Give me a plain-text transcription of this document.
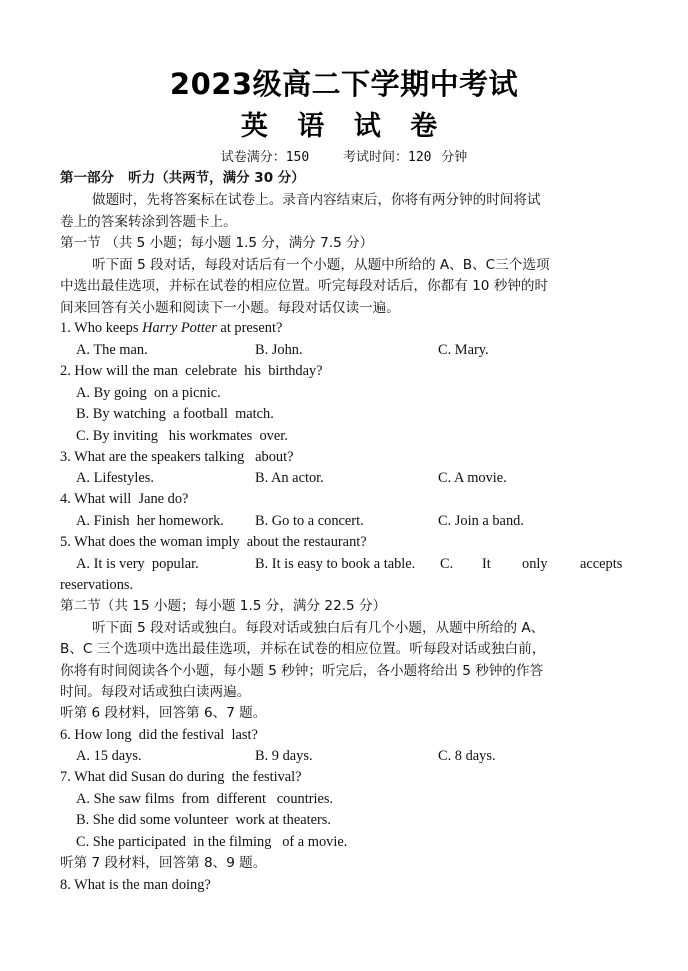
2023级高二下学期中考试
英 语 试 卷
试卷满分：150	考试时间：120 分钟
第一部分   听力（共两节，满分 30 分）
做题时，先将答案标在试卷上。录音内容结束后，你将有两分钟的时间将试
卷上的答案转涂到答题卡上。
第一节 （共 5 小题；每小题 1.5 分，满分 7.5 分）
听下面 5 段对话，每段对话后有一个小题，从题中所给的 A、B、C三个选项
中选出最佳选项，并标在试卷的相应位置。听完每段对话后，你都有 10 秒钟的时
间来回答有关小题和阅读下一小题。每段对话仅读一遍。
1. Who keeps Harry Potter at present?
A. The man.	B. John.	C. Mary.
2. How will the man  celebrate  his  birthday?
A. By going  on a picnic.
B. By watching  a football  match.
C. By inviting   his workmates  over.
3. What are the speakers talking   about?
A. Lifestyles.	B. An actor.	C. A movie.
4. What will  Jane do?
A. Finish  her homework. B. Go to a concert.	C. Join a band.
5. What does the woman imply  about the restaurant?
A. It is very  popular.	B. It is easy to book a table. C. It only accepts
reservations.
第二节（共 15 小题；每小题 1.5 分，满分 22.5 分）
听下面 5 段对话或独白。每段对话或独白后有几个小题，从题中所给的 A、
B、C 三个选项中选出最佳选项，并标在试卷的相应位置。听每段对话或独白前，
你将有时间阅读各个小题，每小题 5 秒钟；听完后，各小题将给出 5 秒钟的作答
时间。每段对话或独白读两遍。
听第 6 段材料，回答第 6、7 题。
6. How long  did the festival  last?
A. 15 days.	B. 9 days.	C. 8 days.
7. What did Susan do during  the festival?
A. She saw films  from  different   countries.
B. She did some volunteer  work at theaters.
C. She participated  in the filming   of a movie.
听第 7 段材料，回答第 8、9 题。
8. What is the man doing?
